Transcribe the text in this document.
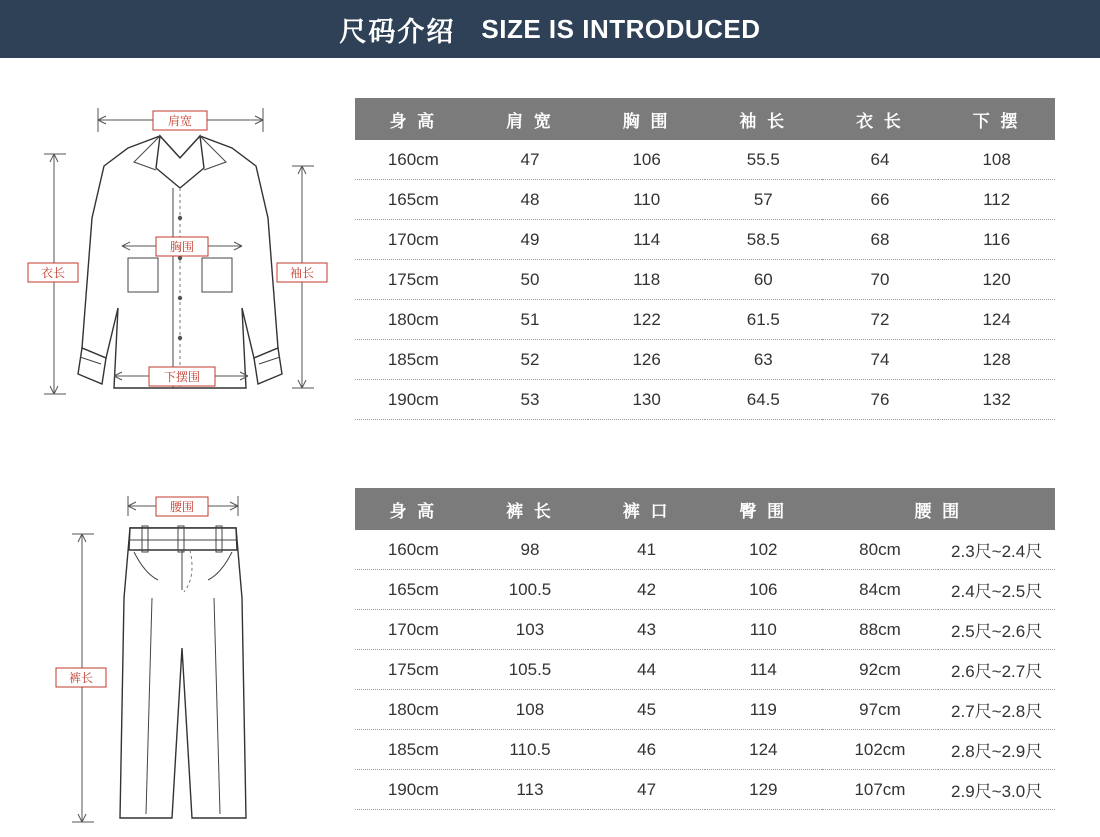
尺码介绍 SIZE IS INTRODUCED
肩宽
衣长	袖长
胸围
下摆围
身 高	肩 宽	胸 围	袖 长	衣 长	下 摆
160cm	47	106	55.5	64	108
165cm	48	110	57	66	112
170cm	49	114	58.5	68	116
175cm	50	118	60	70	120
180cm	51	122	61.5	72	124
185cm	52	126	63	74	128
190cm	53	130	64.5	76	132
腰围
裤长
身 高	裤 长	裤 口	臀 围	腰 围	
160cm	98	41	102	80cm	2.3尺~2.4尺
165cm	100.5	42	106	84cm	2.4尺~2.5尺
170cm	103	43	110	88cm	2.5尺~2.6尺
175cm	105.5	44	114	92cm	2.6尺~2.7尺
180cm	108	45	119	97cm	2.7尺~2.8尺
185cm	110.5	46	124	102cm	2.8尺~2.9尺
190cm	113	47	129	107cm	2.9尺~3.0尺
